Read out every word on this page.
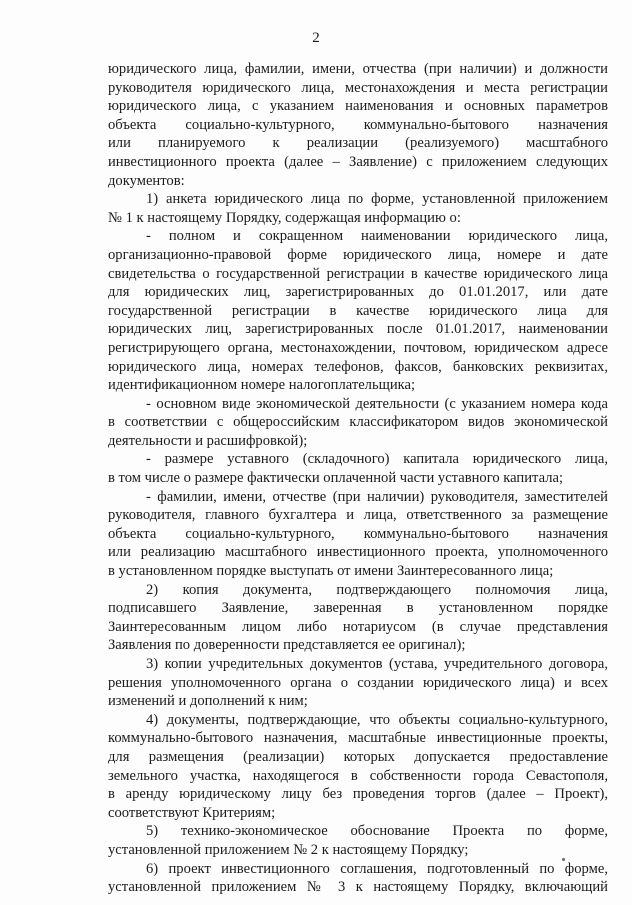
2
юридического лица, фамилии, имени, отчества (при наличии) и должности
руководителя юридического лица, местонахождения и места регистрации
юридического лица, с указанием наименования и основных параметров
объекта социально-культурного, коммунально-бытового назначения
или планируемого к реализации (реализуемого) масштабного
инвестиционного проекта (далее – Заявление) с приложением следующих
документов:
1) анкета юридического лица по форме, установленной приложением
№ 1 к настоящему Порядку, содержащая информацию о:
- полном и сокращенном наименовании юридического лица,
организационно-правовой форме юридического лица, номере и дате
свидетельства о государственной регистрации в качестве юридического лица
для юридических лиц, зарегистрированных до 01.01.2017, или дате
государственной регистрации в качестве юридического лица для
юридических лиц, зарегистрированных после 01.01.2017, наименовании
регистрирующего органа, местонахождении, почтовом, юридическом адресе
юридического лица, номерах телефонов, факсов, банковских реквизитах,
идентификационном номере налогоплательщика;
- основном виде экономической деятельности (с указанием номера кода
в соответствии с общероссийским классификатором видов экономической
деятельности и расшифровкой);
- размере уставного (складочного) капитала юридического лица,
в том числе о размере фактически оплаченной части уставного капитала;
- фамилии, имени, отчестве (при наличии) руководителя, заместителей
руководителя, главного бухгалтера и лица, ответственного за размещение
объекта социально-культурного, коммунально-бытового назначения
или реализацию масштабного инвестиционного проекта, уполномоченного
в установленном порядке выступать от имени Заинтересованного лица;
2) копия документа, подтверждающего полномочия лица,
подписавшего Заявление, заверенная в установленном порядке
Заинтересованным лицом либо нотариусом (в случае представления
Заявления по доверенности представляется ее оригинал);
3) копии учредительных документов (устава, учредительного договора,
решения уполномоченного органа о создании юридического лица) и всех
изменений и дополнений к ним;
4) документы, подтверждающие, что объекты социально-культурного,
коммунально-бытового назначения, масштабные инвестиционные проекты,
для размещения (реализации) которых допускается предоставление
земельного участка, находящегося в собственности города Севастополя,
в аренду юридическому лицу без проведения торгов (далее – Проект),
соответствуют Критериям;
5) технико-экономическое обоснование Проекта по форме,
установленной приложением № 2 к настоящему Порядку;
6) проект инвестиционного соглашения, подготовленный по форме,
установленной приложением № 3 к настоящему Порядку, включающий
